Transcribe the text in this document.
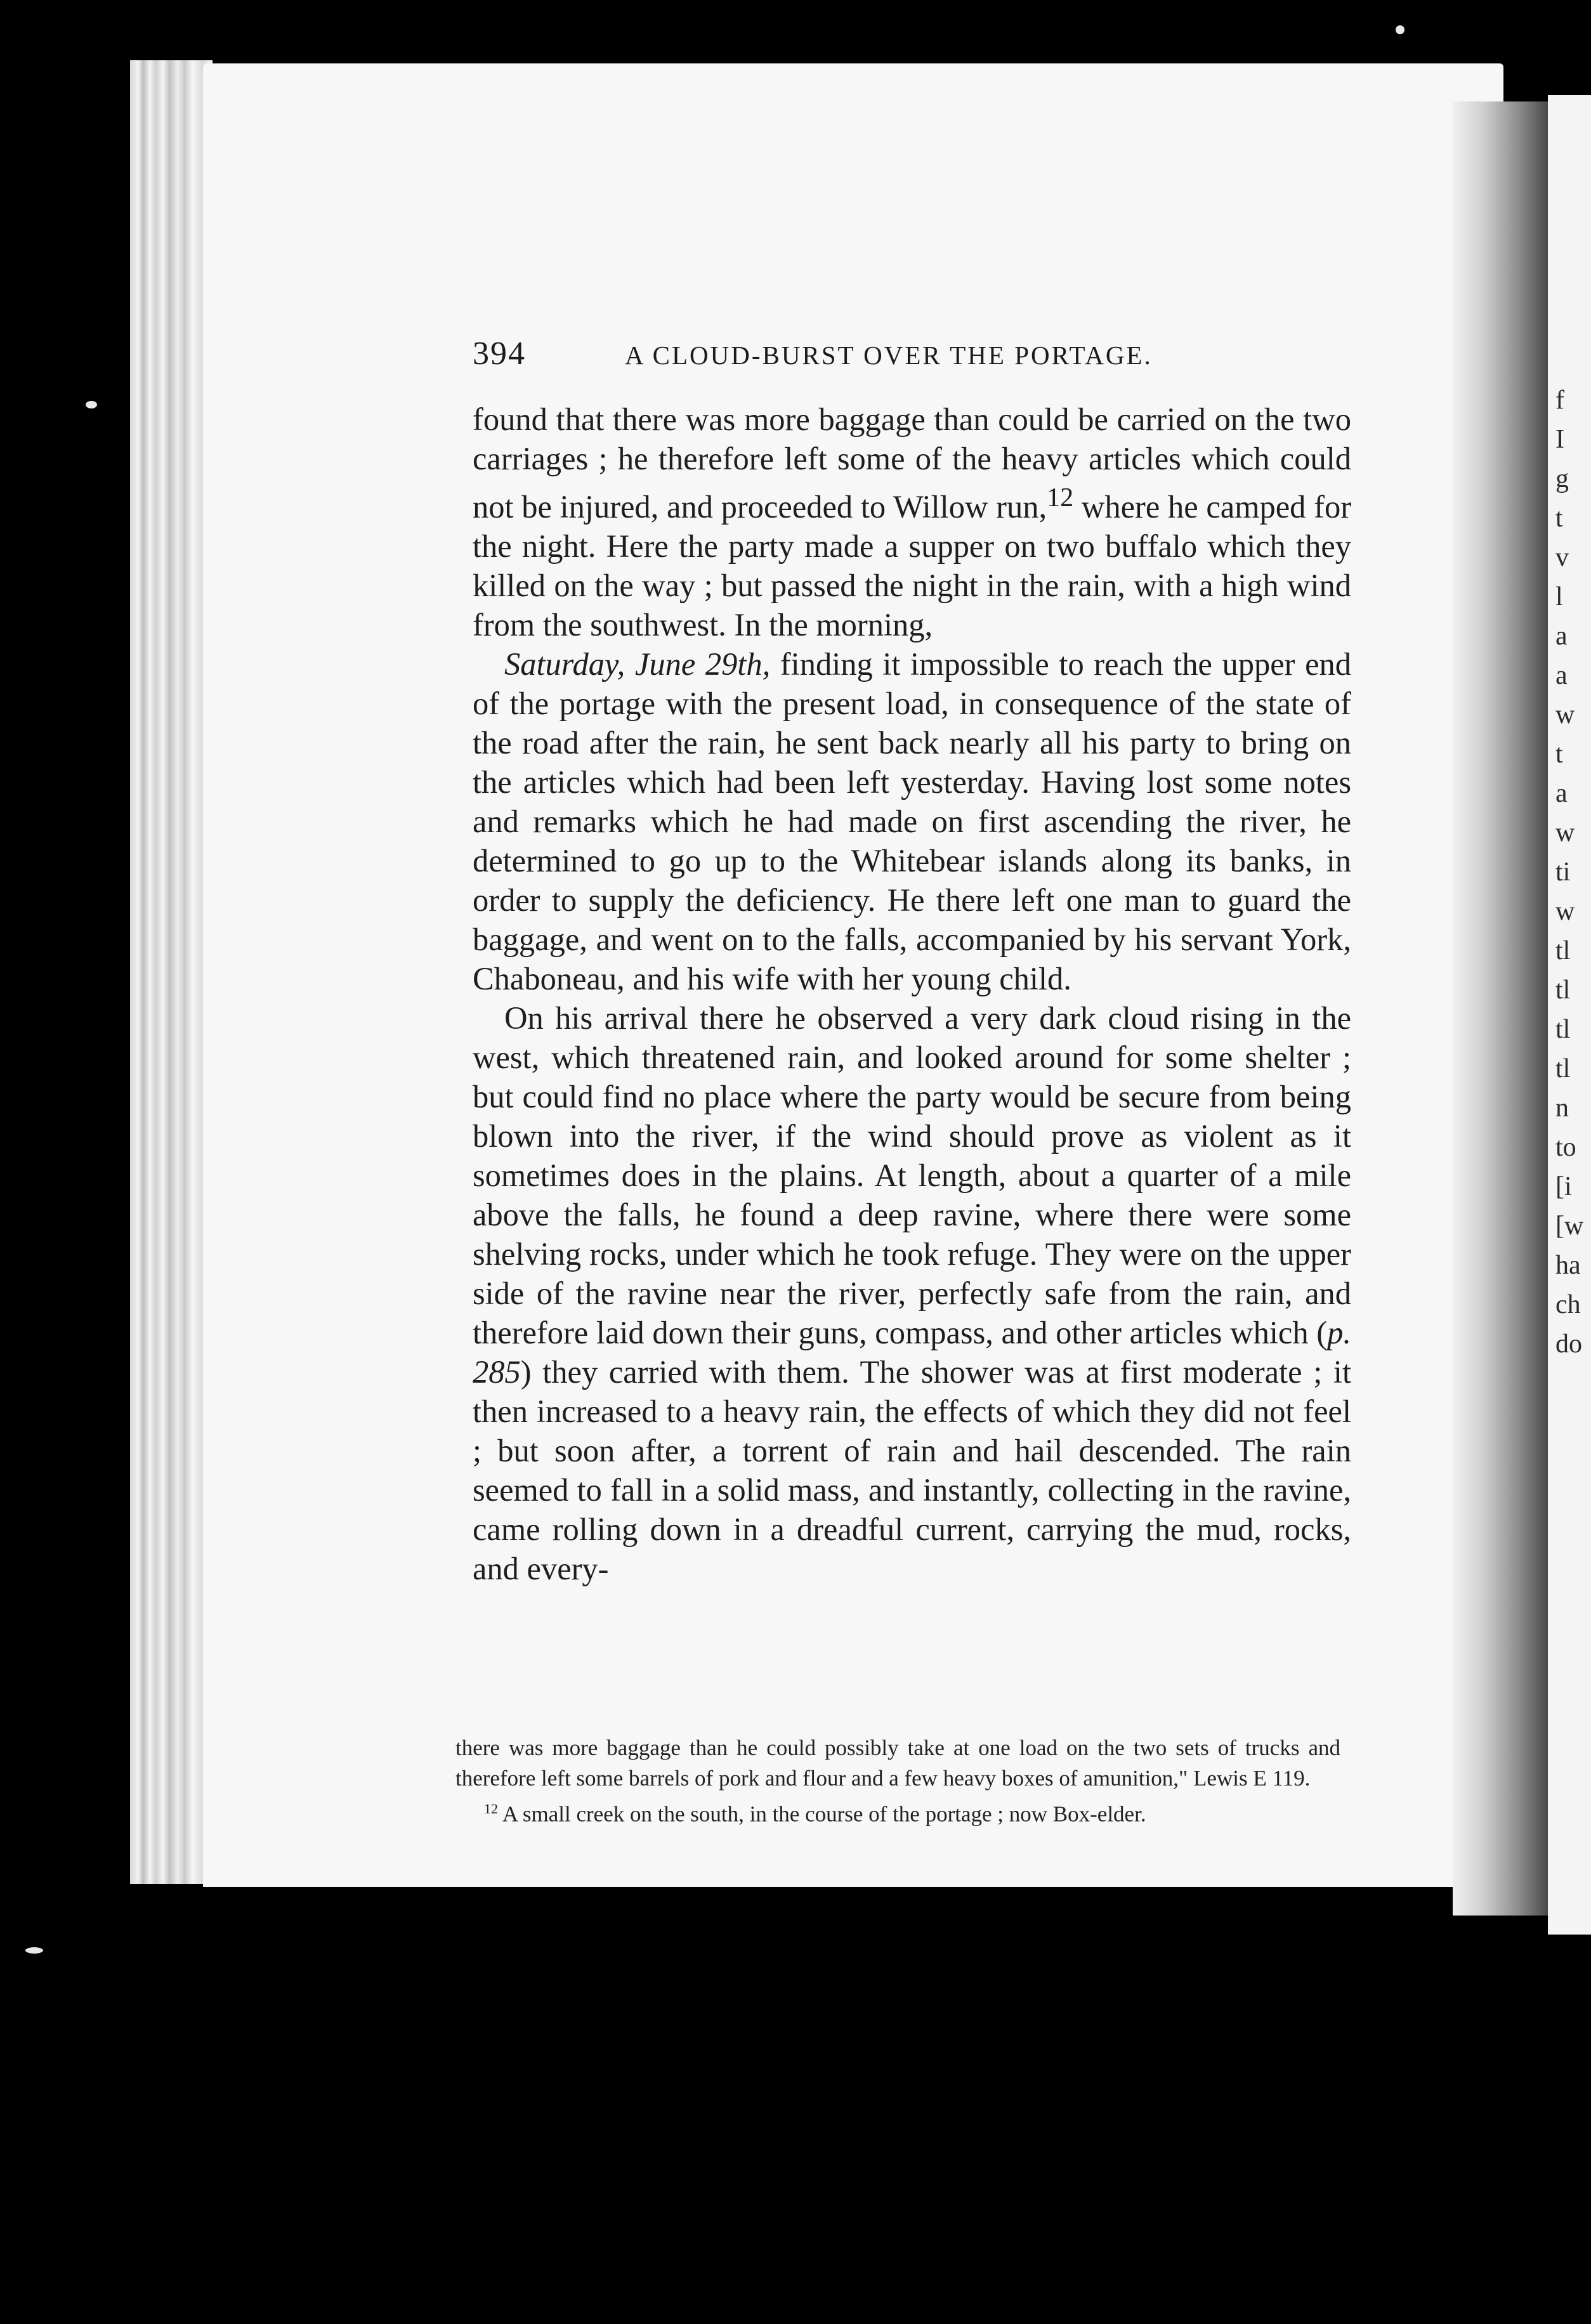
f
I
g
t
v
l
a
a
w
t
a
w
ti
w
tl
tl
tl
tl
n
to
[i
[w
ha
ch
do
394	A CLOUD-BURST OVER THE PORTAGE.

found that there was more baggage than could be carried on the two carriages ; he therefore left some of the heavy articles which could not be injured, and proceeded to Willow run,$^{12}$ where he camped for the night. Here the party made a supper on two buffalo which they killed on the way ; but passed the night in the rain, with a high wind from the southwest. In the morning,

Saturday, June 29th, finding it impossible to reach the upper end of the portage with the present load, in consequence of the state of the road after the rain, he sent back nearly all his party to bring on the articles which had been left yesterday. Having lost some notes and remarks which he had made on first ascending the river, he determined to go up to the Whitebear islands along its banks, in order to supply the deficiency. He there left one man to guard the baggage, and went on to the falls, accompanied by his servant York, Chaboneau, and his wife with her young child.

On his arrival there he observed a very dark cloud rising in the west, which threatened rain, and looked around for some shelter ; but could find no place where the party would be secure from being blown into the river, if the wind should prove as violent as it sometimes does in the plains. At length, about a quarter of a mile above the falls, he found a deep ravine, where there were some shelving rocks, under which he took refuge. They were on the upper side of the ravine near the river, perfectly safe from the rain, and therefore laid down their guns, compass, and other articles which (p. 285) they carried with them. The shower was at first moderate ; it then increased to a heavy rain, the effects of which they did not feel ; but soon after, a torrent of rain and hail descended. The rain seemed to fall in a solid mass, and instantly, collecting in the ravine, came rolling down in a dreadful current, carrying the mud, rocks, and every-

there was more baggage than he could possibly take at one load on the two sets of trucks and therefore left some barrels of pork and flour and a few heavy boxes of amunition," Lewis E 119.

$^{12}$ A small creek on the south, in the course of the portage ; now Box-elder.
